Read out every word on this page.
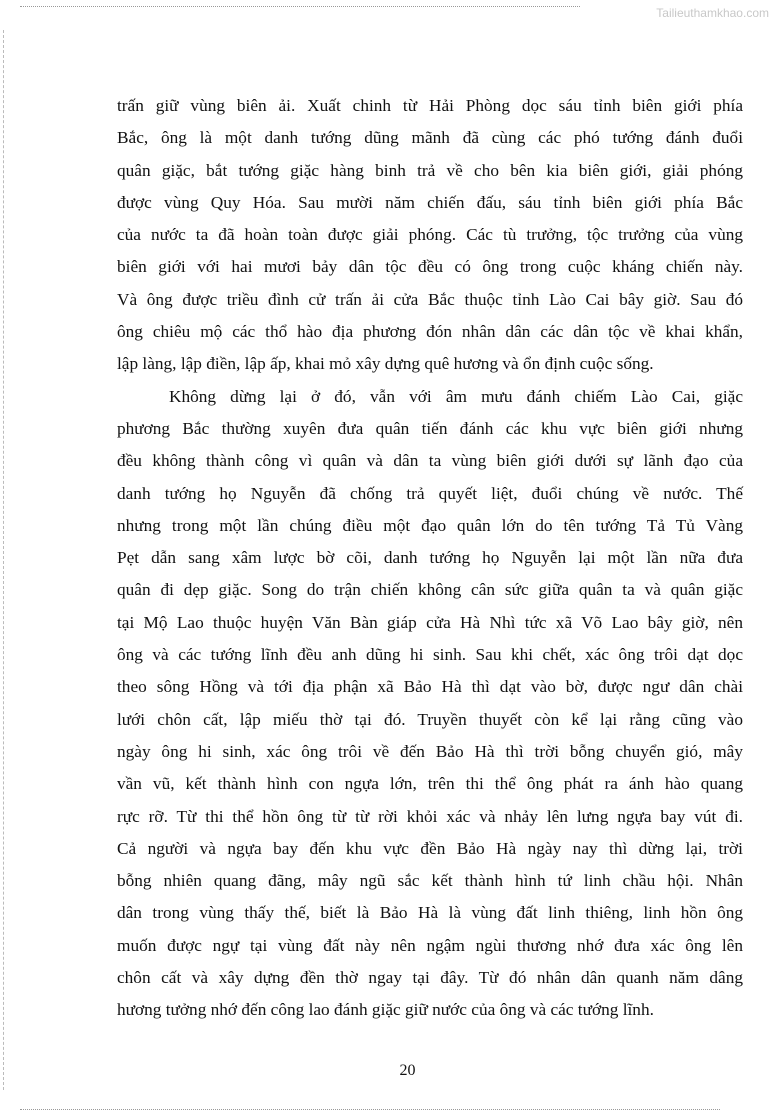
Tailieuthamkhao.com
trấn giữ vùng biên ải. Xuất chinh từ Hải Phòng dọc sáu tỉnh biên giới phía
Bắc, ông là một danh tướng dũng mãnh đã cùng các phó tướng đánh đuổi
quân giặc, bắt tướng giặc hàng binh trả về cho bên kia biên giới, giải phóng
được vùng Quy Hóa. Sau mười năm chiến đấu, sáu tỉnh biên giới phía Bắc
của nước ta đã hoàn toàn được giải phóng. Các tù trưởng, tộc trưởng của vùng
biên giới với hai mươi bảy dân tộc đều có ông trong cuộc kháng chiến này.
Và ông được triều đình cử trấn ải cửa Bắc thuộc tỉnh Lào Cai bây giờ. Sau đó
ông chiêu mộ các thổ hào địa phương đón nhân dân các dân tộc về khai khẩn,
lập làng, lập điền, lập ấp, khai mỏ xây dựng quê hương và ổn định cuộc sống.
Không dừng lại ở đó, vẫn với âm mưu đánh chiếm Lào Cai, giặc
phương Bắc thường xuyên đưa quân tiến đánh các khu vực biên giới nhưng
đều không thành công vì quân và dân ta vùng biên giới dưới sự lãnh đạo của
danh tướng họ Nguyễn đã chống trả quyết liệt, đuổi chúng về nước. Thế
nhưng trong một lần chúng điều một đạo quân lớn do tên tướng Tả Tủ Vàng
Pẹt dẫn sang xâm lược bờ cõi, danh tướng họ Nguyễn lại một lần nữa đưa
quân đi dẹp giặc. Song do trận chiến không cân sức giữa quân ta và quân giặc
tại Mộ Lao thuộc huyện Văn Bàn giáp cửa Hà Nhì tức xã Võ Lao bây giờ, nên
ông và các tướng lĩnh đều anh dũng hi sinh. Sau khi chết, xác ông trôi dạt dọc
theo sông Hồng và tới địa phận xã Bảo Hà thì dạt vào bờ, được ngư dân chài
lưới chôn cất, lập miếu thờ tại đó. Truyền thuyết còn kể lại rằng cũng vào
ngày ông hi sinh, xác ông trôi về đến Bảo Hà thì trời bỗng chuyển gió, mây
vần vũ, kết thành hình con ngựa lớn, trên thi thể ông phát ra ánh hào quang
rực rỡ. Từ thi thể hồn ông từ từ rời khỏi xác và nhảy lên lưng ngựa bay vút đi.
Cả người và ngựa bay đến khu vực đền Bảo Hà ngày nay thì dừng lại, trời
bỗng nhiên quang đãng, mây ngũ sắc kết thành hình tứ linh chầu hội. Nhân
dân trong vùng thấy thế, biết là Bảo Hà là vùng đất linh thiêng, linh hồn ông
muốn được ngự tại vùng đất này nên ngậm ngùi thương nhớ đưa xác ông lên
chôn cất và xây dựng đền thờ ngay tại đây. Từ đó nhân dân quanh năm dâng
hương tưởng nhớ đến công lao đánh giặc giữ nước của ông và các tướng lĩnh.
20
